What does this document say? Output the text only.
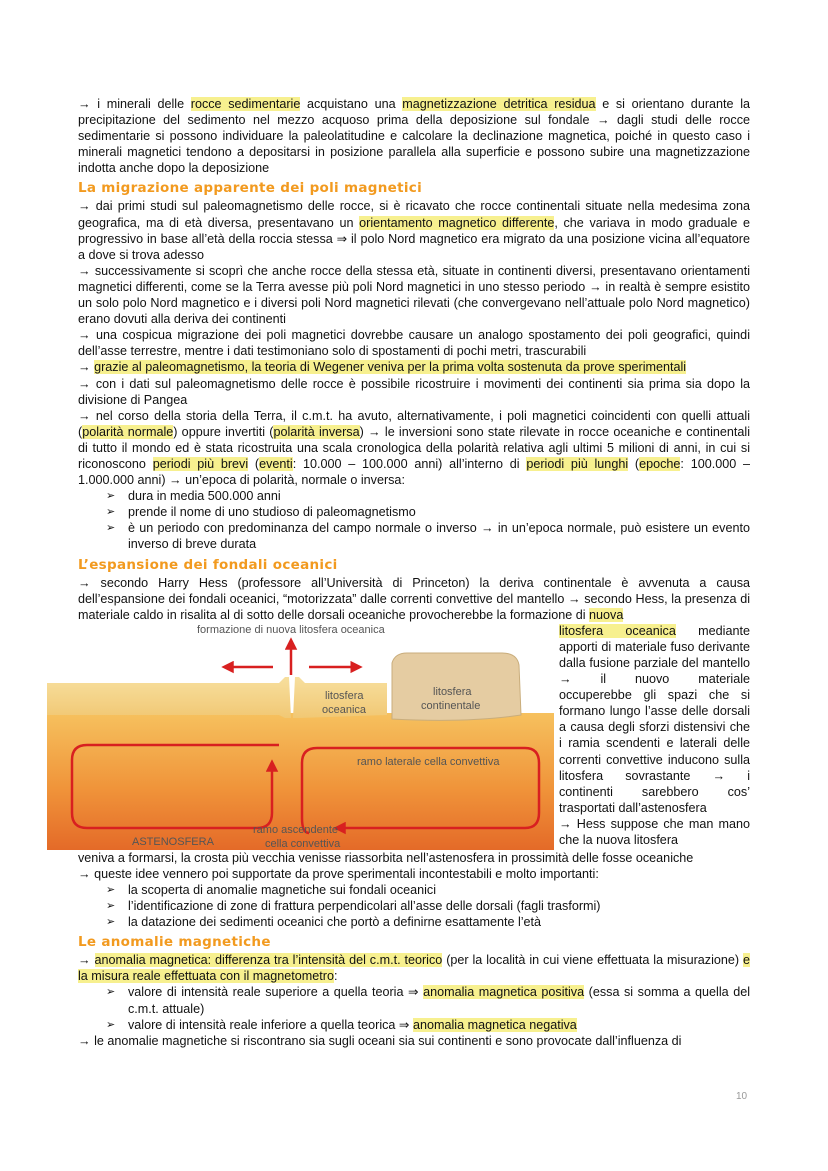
→ i minerali delle rocce sedimentarie acquistano una magnetizzazione detritica residua e si orientano durante la precipitazione del sedimento nel mezzo acquoso prima della deposizione sul fondale → dagli studi delle rocce sedimentarie si possono individuare la paleolatitudine e calcolare la declinazione magnetica, poiché in questo caso i minerali magnetici tendono a depositarsi in posizione parallela alla superficie e possono subire una magnetizzazione indotta anche dopo la deposizione

La migrazione apparente dei poli magnetici

→ dai primi studi sul paleomagnetismo delle rocce, si è ricavato che rocce continentali situate nella medesima zona geografica, ma di età diversa, presentavano un orientamento magnetico differente, che variava in modo graduale e progressivo in base all’età della roccia stessa ⇒ il polo Nord magnetico era migrato da una posizione vicina all’equatore a dove si trova adesso

→ successivamente si scoprì che anche rocce della stessa età, situate in continenti diversi, presentavano orientamenti magnetici differenti, come se la Terra avesse più poli Nord magnetici in uno stesso periodo → in realtà è sempre esistito un solo polo Nord magnetico e i diversi poli Nord magnetici rilevati (che convergevano nell’attuale polo Nord magnetico) erano dovuti alla deriva dei continenti

→ una cospicua migrazione dei poli magnetici dovrebbe causare un analogo spostamento dei poli geografici, quindi dell’asse terrestre, mentre i dati testimoniano solo di spostamenti di pochi metri, trascurabili

→ grazie al paleomagnetismo, la teoria di Wegener veniva per la prima volta sostenuta da prove sperimentali

→ con i dati sul paleomagnetismo delle rocce è possibile ricostruire i movimenti dei continenti sia prima sia dopo la divisione di Pangea

→ nel corso della storia della Terra, il c.m.t. ha avuto, alternativamente, i poli magnetici coincidenti con quelli attuali (polarità normale) oppure invertiti (polarità inversa) → le inversioni sono state rilevate in rocce oceaniche e continentali di tutto il mondo ed è stata ricostruita una scala cronologica della polarità relativa agli ultimi 5 milioni di anni, in cui si riconoscono periodi più brevi (eventi: 10.000 – 100.000 anni) all’interno di periodi più lunghi (epoche: 100.000 – 1.000.000 anni) → un’epoca di polarità, normale o inversa:

➢ dura in media 500.000 anni
➢ prende il nome di uno studioso di paleomagnetismo
➢ è un periodo con predominanza del campo normale o inverso → in un’epoca normale, può esistere un evento inverso di breve durata
L’espansione dei fondali oceanici

→ secondo Harry Hess (professore all’Università di Princeton) la deriva continentale è avvenuta a causa dell’espansione dei fondali oceanici, “motorizzata” dalle correnti convettive del mantello → secondo Hess, la presenza di materiale caldo in risalita al di sotto delle dorsali oceaniche provocherebbe la formazione di nuova

formazione di nuova litosfera oceanica
litosfera
oceanica
litosfera
continentale
ramo laterale cella convettiva
ASTENOSFERA
ramo ascendente
cella convettiva

litosfera oceanica mediante apporti di materiale fuso derivante dalla fusione parziale del mantello → il nuovo materiale occuperebbe gli spazi che si formano lungo l’asse delle dorsali a causa degli sforzi distensivi che i ramia scendenti e laterali delle correnti convettive inducono sulla litosfera sovrastante → i continenti sarebbero cos’ trasportati dall’astenosfera
→ Hess suppose che man mano che la nuova litosfera

veniva a formarsi, la crosta più vecchia venisse riassorbita nell’astenosfera in prossimità delle fosse oceaniche

→ queste idee vennero poi supportate da prove sperimentali incontestabili e molto importanti:

➢ la scoperta di anomalie magnetiche sui fondali oceanici
➢ l’identificazione di zone di frattura perpendicolari all’asse delle dorsali (fagli trasformi)
➢ la datazione dei sedimenti oceanici che portò a definirne esattamente l’età
Le anomalie magnetiche

→ anomalia magnetica: differenza tra l’intensità del c.m.t. teorico (per la località in cui viene effettuata la misurazione) e la misura reale effettuata con il magnetometro:

➢ valore di intensità reale superiore a quella teoria ⇒ anomalia magnetica positiva (essa si somma a quella del c.m.t. attuale)
➢ valore di intensità reale inferiore a quella teorica ⇒ anomalia magnetica negativa

→ le anomalie magnetiche si riscontrano sia sugli oceani sia sui continenti e sono provocate dall’influenza di

10
